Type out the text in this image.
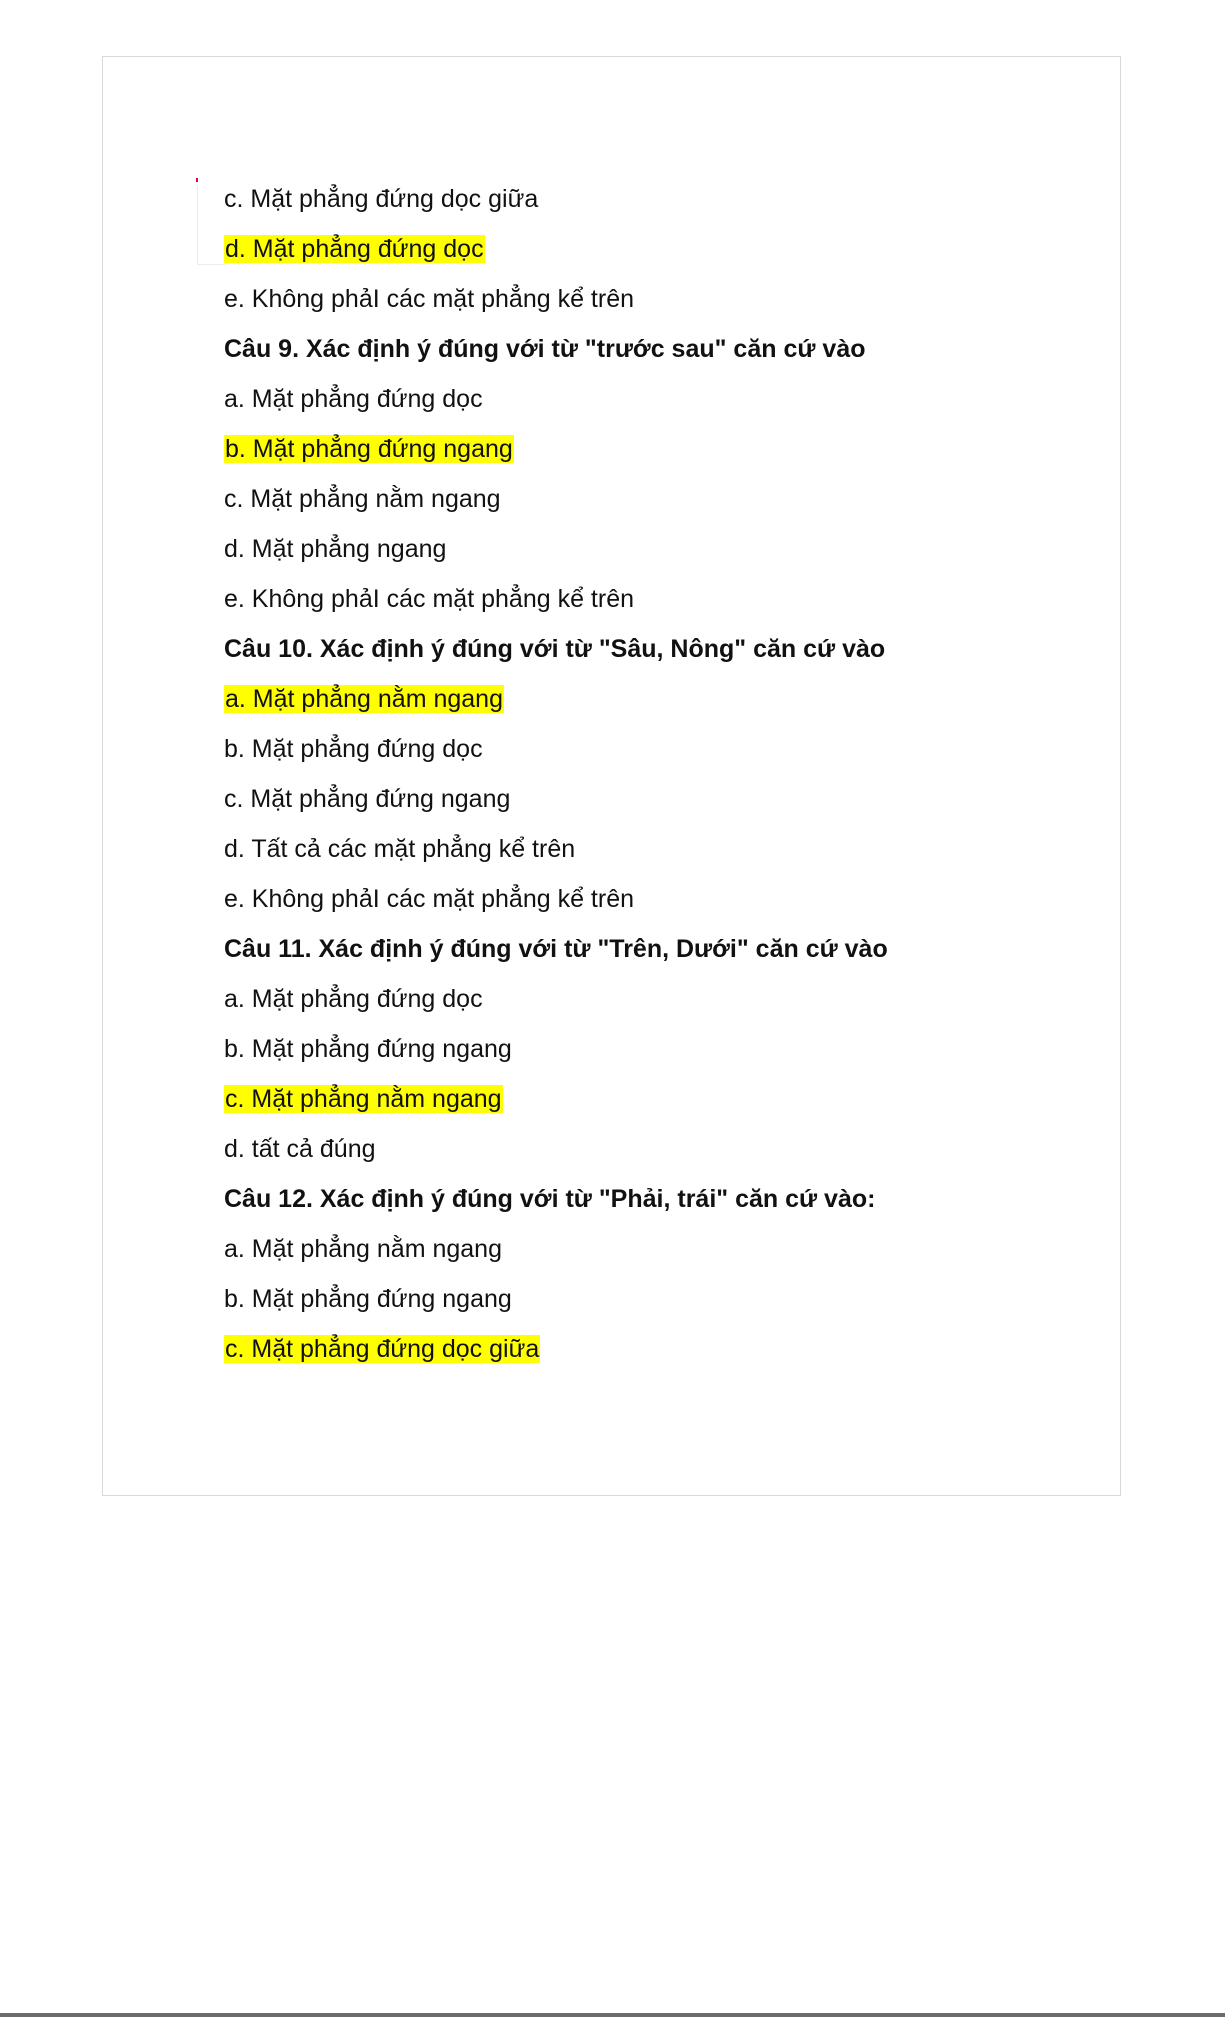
c. Mặt phẳng đứng dọc giữa
d. Mặt phẳng đứng dọc
e. Không phảI các mặt phẳng kể trên
Câu 9. Xác định ý đúng với từ "trước sau" căn cứ vào
a. Mặt phẳng đứng dọc
b. Mặt phẳng đứng ngang
c. Mặt phẳng nằm ngang
d. Mặt phẳng ngang
e. Không phảI các mặt phẳng kể trên
Câu 10. Xác định ý đúng với từ "Sâu, Nông" căn cứ vào
a. Mặt phẳng nằm ngang
b. Mặt phẳng đứng dọc
c. Mặt phẳng đứng ngang
d. Tất cả các mặt phẳng kể trên
e. Không phảI các mặt phẳng kể trên
Câu 11. Xác định ý đúng với từ "Trên, Dưới" căn cứ vào
a. Mặt phẳng đứng dọc
b. Mặt phẳng đứng ngang
c. Mặt phẳng nằm ngang
d. tất cả đúng
Câu 12. Xác định ý đúng với từ "Phải, trái" căn cứ vào:
a. Mặt phẳng nằm ngang
b. Mặt phẳng đứng ngang
c. Mặt phẳng đứng dọc giữa
